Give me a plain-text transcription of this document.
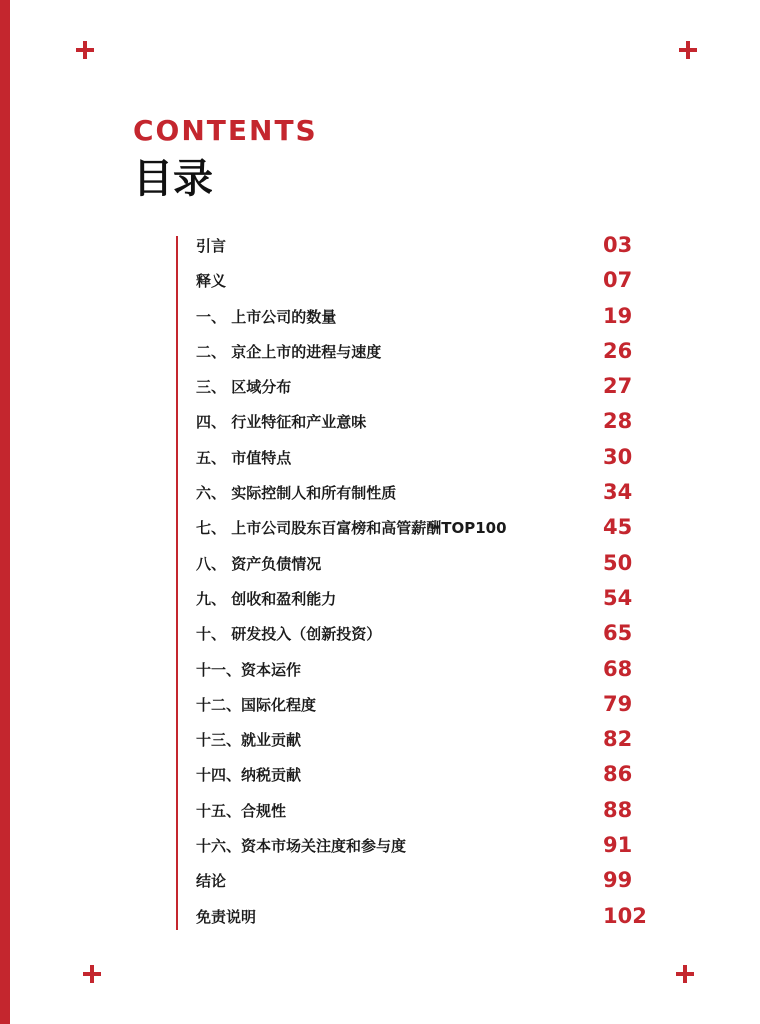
CONTENTS
目录
引言	03
释义	07
一、 上市公司的数量	19
二、 京企上市的进程与速度	26
三、 区域分布	27
四、 行业特征和产业意味	28
五、 市值特点	30
六、 实际控制人和所有制性质	34
七、 上市公司股东百富榜和高管薪酬TOP100	45
八、 资产负债情况	50
九、 创收和盈利能力	54
十、 研发投入（创新投资）	65
十一、资本运作	68
十二、国际化程度	79
十三、就业贡献	82
十四、纳税贡献	86
十五、合规性	88
十六、资本市场关注度和参与度	91
结论	99
免责说明	102
